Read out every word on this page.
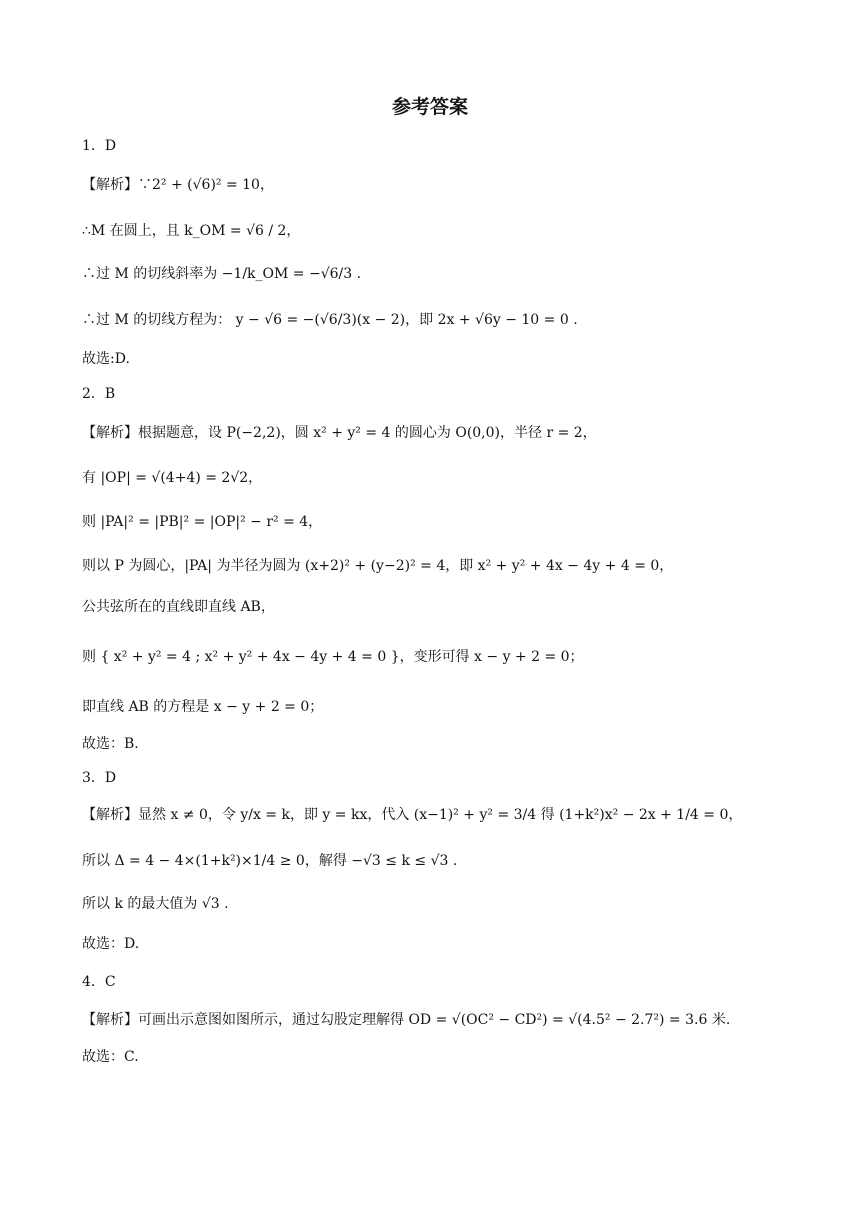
参考答案
1．D
【解析】∵2² + (√6)² = 10，
∴M 在圆上，且 k_OM = √6 / 2，
∴过 M 的切线斜率为 −1/k_OM = −√6/3 .
∴过 M 的切线方程为： y − √6 = −(√6/3)(x − 2)，即 2x + √6y − 10 = 0 .
故选:D.
2．B
【解析】根据题意，设 P(−2,2)，圆 x² + y² = 4 的圆心为 O(0,0)，半径 r = 2，
有 |OP| = √(4+4) = 2√2，
则 |PA|² = |PB|² = |OP|² − r² = 4，
则以 P 为圆心，|PA| 为半径为圆为 (x+2)² + (y−2)² = 4，即 x² + y² + 4x − 4y + 4 = 0，
公共弦所在的直线即直线 AB，
则 { x² + y² = 4 ; x² + y² + 4x − 4y + 4 = 0 }，变形可得 x − y + 2 = 0；
即直线 AB 的方程是 x − y + 2 = 0；
故选：B.
3．D
【解析】显然 x ≠ 0，令 y/x = k，即 y = kx，代入 (x−1)² + y² = 3/4 得 (1+k²)x² − 2x + 1/4 = 0，
所以 Δ = 4 − 4×(1+k²)×1/4 ≥ 0，解得 −√3 ≤ k ≤ √3 .
所以 k 的最大值为 √3 .
故选：D.
4．C
【解析】可画出示意图如图所示，通过勾股定理解得 OD = √(OC² − CD²) = √(4.5² − 2.7²) = 3.6 米.
故选：C.
